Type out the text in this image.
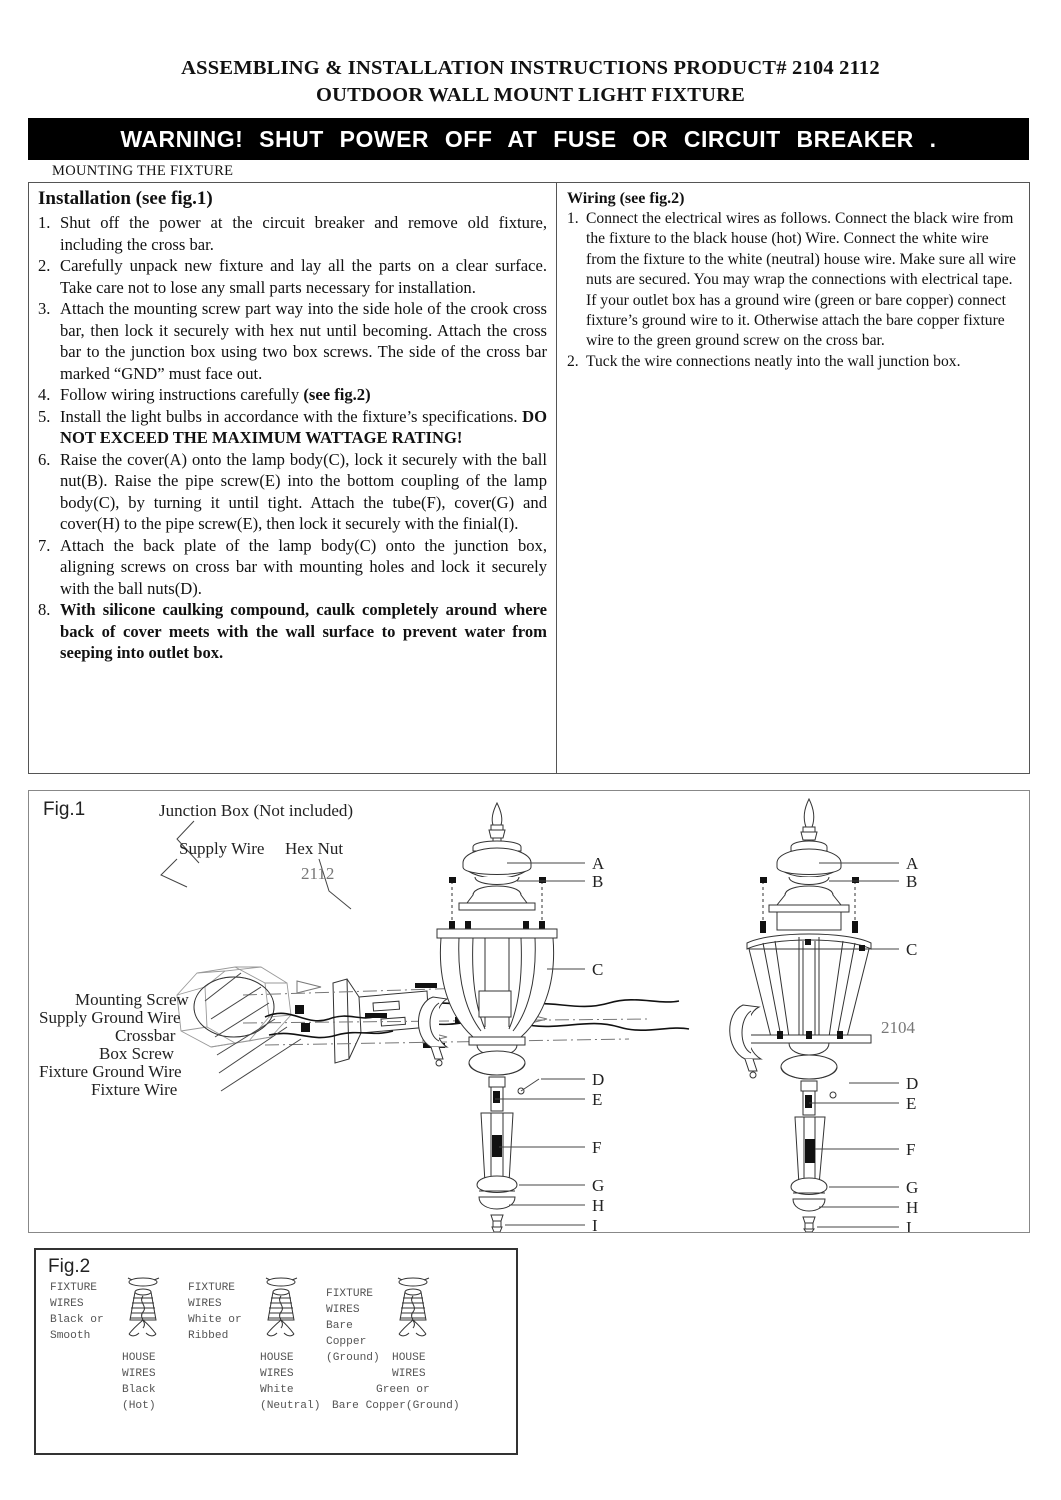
ASSEMBLING & INSTALLATION INSTRUCTIONS PRODUCT# 2104 2112
OUTDOOR WALL MOUNT LIGHT FIXTURE
WARNING! SHUT POWER OFF AT FUSE OR CIRCUIT BREAKER .
MOUNTING THE FIXTURE
Installation (see fig.1)
1. Shut off the power at the circuit breaker and remove old fixture, including the cross bar.
2. Carefully unpack new fixture and lay all the parts on a clear surface. Take care not to lose any small parts necessary for installation.
3. Attach the mounting screw part way into the side hole of the crook cross bar, then lock it securely with hex nut until becoming. Attach the cross bar to the junction box using two box screws. The side of the cross bar marked “GND” must face out.
4. Follow wiring instructions carefully (see fig.2)
5. Install the light bulbs in accordance with the fixture’s specifications. DO NOT EXCEED THE MAXIMUM WATTAGE RATING!
6. Raise the cover(A) onto the lamp body(C), lock it securely with the ball nut(B). Raise the pipe screw(E) into the bottom coupling of the lamp body(C), by turning it until tight. Attach the tube(F), cover(G) and cover(H) to the pipe screw(E), then lock it securely with the finial(I).
7. Attach the back plate of the lamp body(C) onto the junction box, aligning screws on cross bar with mounting holes and lock it securely with the ball nuts(D).
8. With silicone caulking compound, caulk completely around where back of cover meets with the wall surface to prevent water from seeping into outlet box.
Wiring (see fig.2)
1. Connect the electrical wires as follows. Connect the black wire from the fixture to the black house (hot) Wire. Connect the white wire from the fixture to the white (neutral) house wire. Make sure all wire nuts are secured. You may wrap the connections with electrical tape. If your outlet box has a ground wire (green or bare copper) connect fixture’s ground wire to it. Otherwise attach the bare copper fixture wire to the green ground screw on the cross bar.
2. Tuck the wire connections neatly into the wall junction box.
Fig.1	Junction Box (Not included)
Supply Wire Hex Nut
Mounting Screw
Supply Ground Wire
Crossbar
Box Screw
Fixture Ground Wire
Fixture Wire
2112
A
B
C
D
E
F
G
H
I
2104
A
B
C
D
E
F
G
H
I
Fig.2
FIXTURE
WIRES
Black or
Smooth
HOUSE
WIRES
Black
(Hot)
FIXTURE
WIRES
White or
Ribbed
HOUSE
WIRES
White
(Neutral)
FIXTURE
WIRES
Bare
Copper
(Ground) HOUSE
WIRES
Green or
Bare Copper(Ground)
